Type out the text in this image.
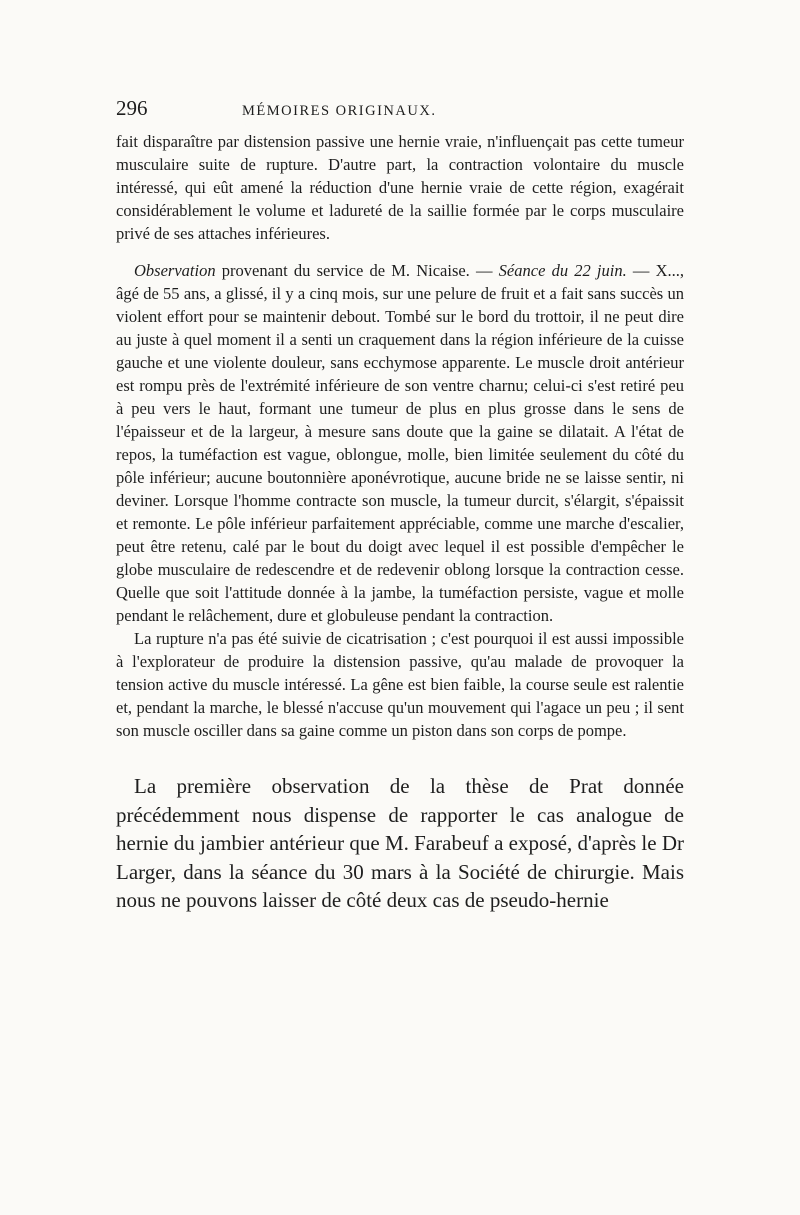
296	MÉMOIRES ORIGINAUX.

fait disparaître par distension passive une hernie vraie, n'influençait pas cette tumeur musculaire suite de rupture. D'autre part, la contraction volontaire du muscle intéressé, qui eût amené la réduction d'une hernie vraie de cette région, exagérait considérablement le volume et ladureté de la saillie formée par le corps musculaire privé de ses attaches inférieures.

Observation provenant du service de M. Nicaise. — Séance du 22 juin. — X..., âgé de 55 ans, a glissé, il y a cinq mois, sur une pelure de fruit et a fait sans succès un violent effort pour se maintenir debout. Tombé sur le bord du trottoir, il ne peut dire au juste à quel moment il a senti un craquement dans la région inférieure de la cuisse gauche et une violente douleur, sans ecchymose apparente. Le muscle droit antérieur est rompu près de l'extrémité inférieure de son ventre charnu; celui-ci s'est retiré peu à peu vers le haut, formant une tumeur de plus en plus grosse dans le sens de l'épaisseur et de la largeur, à mesure sans doute que la gaine se dilatait. A l'état de repos, la tuméfaction est vague, oblongue, molle, bien limitée seulement du côté du pôle inférieur; aucune boutonnière aponévrotique, aucune bride ne se laisse sentir, ni deviner. Lorsque l'homme contracte son muscle, la tumeur durcit, s'élargit, s'épaissit et remonte. Le pôle inférieur parfaitement appréciable, comme une marche d'escalier, peut être retenu, calé par le bout du doigt avec lequel il est possible d'empêcher le globe musculaire de redescendre et de redevenir oblong lorsque la contraction cesse. Quelle que soit l'attitude donnée à la jambe, la tuméfaction persiste, vague et molle pendant le relâchement, dure et globuleuse pendant la contraction.

La rupture n'a pas été suivie de cicatrisation ; c'est pourquoi il est aussi impossible à l'explorateur de produire la distension passive, qu'au malade de provoquer la tension active du muscle intéressé. La gêne est bien faible, la course seule est ralentie et, pendant la marche, le blessé n'accuse qu'un mouvement qui l'agace un peu ; il sent son muscle osciller dans sa gaine comme un piston dans son corps de pompe.

La première observation de la thèse de Prat donnée précédemment nous dispense de rapporter le cas analogue de hernie du jambier antérieur que M. Farabeuf a exposé, d'après le Dr Larger, dans la séance du 30 mars à la Société de chirurgie. Mais nous ne pouvons laisser de côté deux cas de pseudo-hernie
